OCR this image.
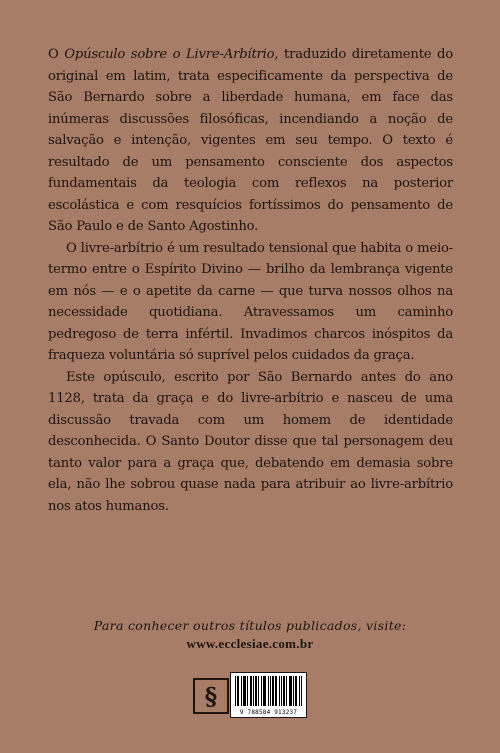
O Opúsculo sobre o Livre-Arbítrio, traduzido diretamente do original em latim, trata especificamente da perspectiva de São Bernardo sobre a liberdade humana, em face das inúmeras discussões filosóficas, incendiando a noção de salvação e intenção, vigentes em seu tempo. O texto é resultado de um pensamento consciente dos aspectos fundamentais da teologia com reflexos na posterior escolástica e com resquícios fortíssimos do pensamento de São Paulo e de Santo Agostinho.

O livre-arbítrio é um resultado tensional que habita o meio-termo entre o Espírito Divino — brilho da lembrança vigente em nós — e o apetite da carne — que turva nossos olhos na necessidade quotidiana. Atravessamos um caminho pedregoso de terra infértil. Invadimos charcos inóspitos da fraqueza voluntária só suprível pelos cuidados da graça.

Este opúsculo, escrito por São Bernardo antes do ano 1128, trata da graça e do livre-arbítrio e nasceu de uma discussão travada com um homem de identidade desconhecida. O Santo Doutor disse que tal personagem deu tanto valor para a graça que, debatendo em demasia sobre ela, não lhe sobrou quase nada para atribuir ao livre-arbítrio nos atos humanos.

Para conhecer outros títulos publicados, visite:
www.ecclesiae.com.br
§
9 788584 913237
